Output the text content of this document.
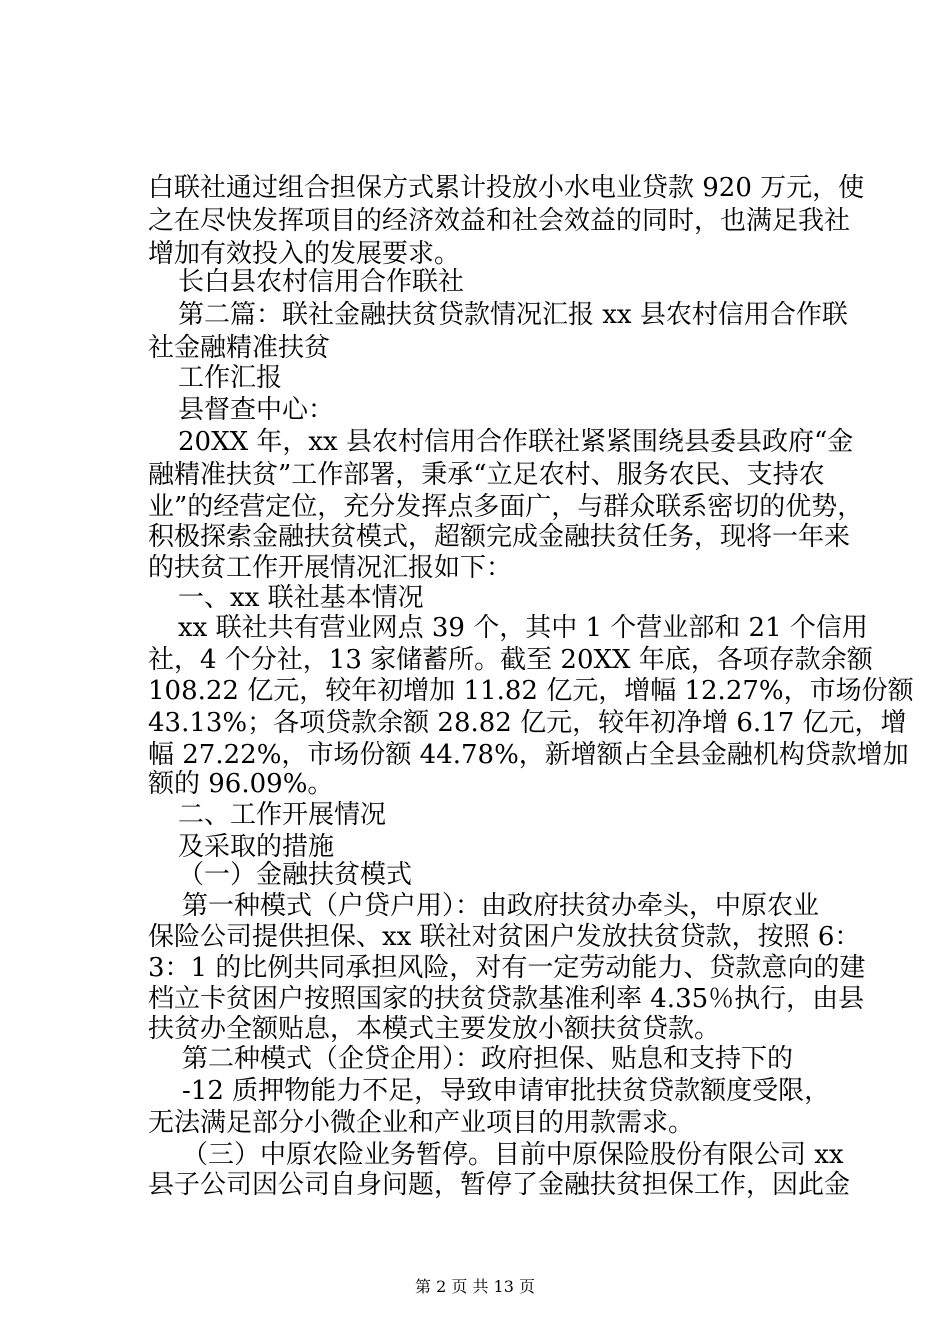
白联社通过组合担保方式累计投放小水电业贷款 920 万元，使
之在尽快发挥项目的经济效益和社会效益的同时，也满足我社
增加有效投入的发展要求。
长白县农村信用合作联社
第二篇：联社金融扶贫贷款情况汇报 xx 县农村信用合作联
社金融精准扶贫
工作汇报
县督查中心：
20XX 年，xx 县农村信用合作联社紧紧围绕县委县政府“金
融精准扶贫”工作部署，秉承“立足农村、服务农民、支持农
业”的经营定位，充分发挥点多面广，与群众联系密切的优势，
积极探索金融扶贫模式，超额完成金融扶贫任务，现将一年来
的扶贫工作开展情况汇报如下：
一、xx 联社基本情况
xx 联社共有营业网点 39 个，其中 1 个营业部和 21 个信用
社，4 个分社，13 家储蓄所。截至 20XX 年底，各项存款余额
108.22 亿元，较年初增加 11.82 亿元，增幅 12.27%，市场份额
43.13%；各项贷款余额 28.82 亿元，较年初净增 6.17 亿元，增
幅 27.22%，市场份额 44.78%，新增额占全县金融机构贷款增加
额的 96.09%。
二、工作开展情况
及采取的措施
（一）金融扶贫模式
第一种模式（户贷户用）：由政府扶贫办牵头，中原农业
保险公司提供担保、xx 联社对贫困户发放扶贫贷款，按照 6：
3：1 的比例共同承担风险，对有一定劳动能力、贷款意向的建
档立卡贫困户按照国家的扶贫贷款基准利率 4.35％执行，由县
扶贫办全额贴息，本模式主要发放小额扶贫贷款。
第二种模式（企贷企用）：政府担保、贴息和支持下的
-12 质押物能力不足，导致申请审批扶贫贷款额度受限，
无法满足部分小微企业和产业项目的用款需求。
（三）中原农险业务暂停。目前中原保险股份有限公司 xx
县子公司因公司自身问题，暂停了金融扶贫担保工作，因此金
第 2 页 共 13 页
